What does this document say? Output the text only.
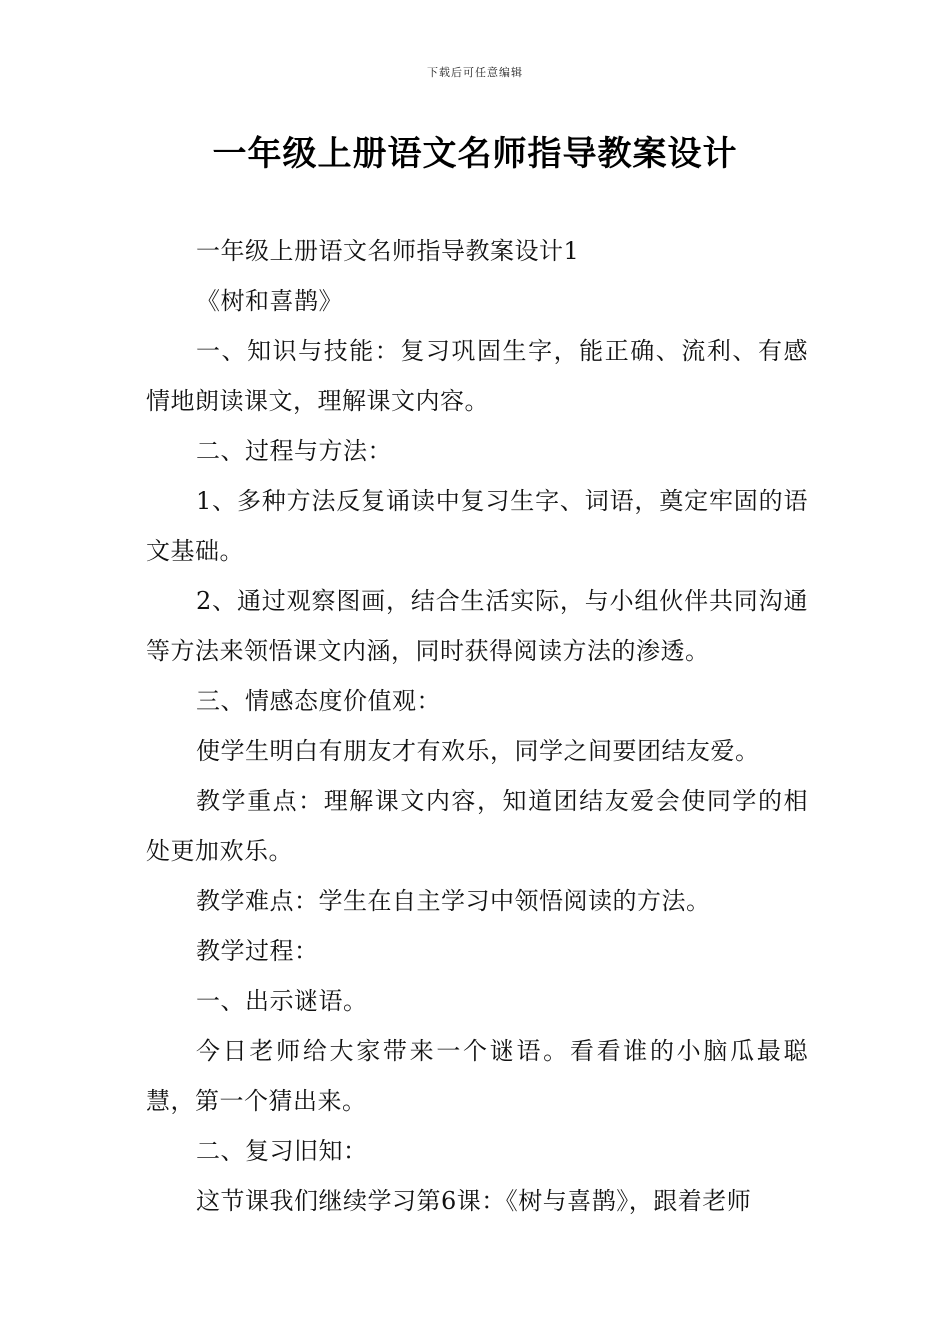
下载后可任意编辑
一年级上册语文名师指导教案设计

一年级上册语文名师指导教案设计1

《树和喜鹊》

一、知识与技能：复习巩固生字，能正确、流利、有感情地朗读课文，理解课文内容。

二、过程与方法：

1、多种方法反复诵读中复习生字、词语，奠定牢固的语文基础。

2、通过观察图画，结合生活实际，与小组伙伴共同沟通等方法来领悟课文内涵，同时获得阅读方法的渗透。

三、情感态度价值观：

使学生明白有朋友才有欢乐，同学之间要团结友爱。

教学重点：理解课文内容，知道团结友爱会使同学的相处更加欢乐。

教学难点：学生在自主学习中领悟阅读的方法。

教学过程：

一、出示谜语。

今日老师给大家带来一个谜语。看看谁的小脑瓜最聪慧，第一个猜出来。

二、复习旧知：

这节课我们继续学习第6课：《树与喜鹊》，跟着老师
